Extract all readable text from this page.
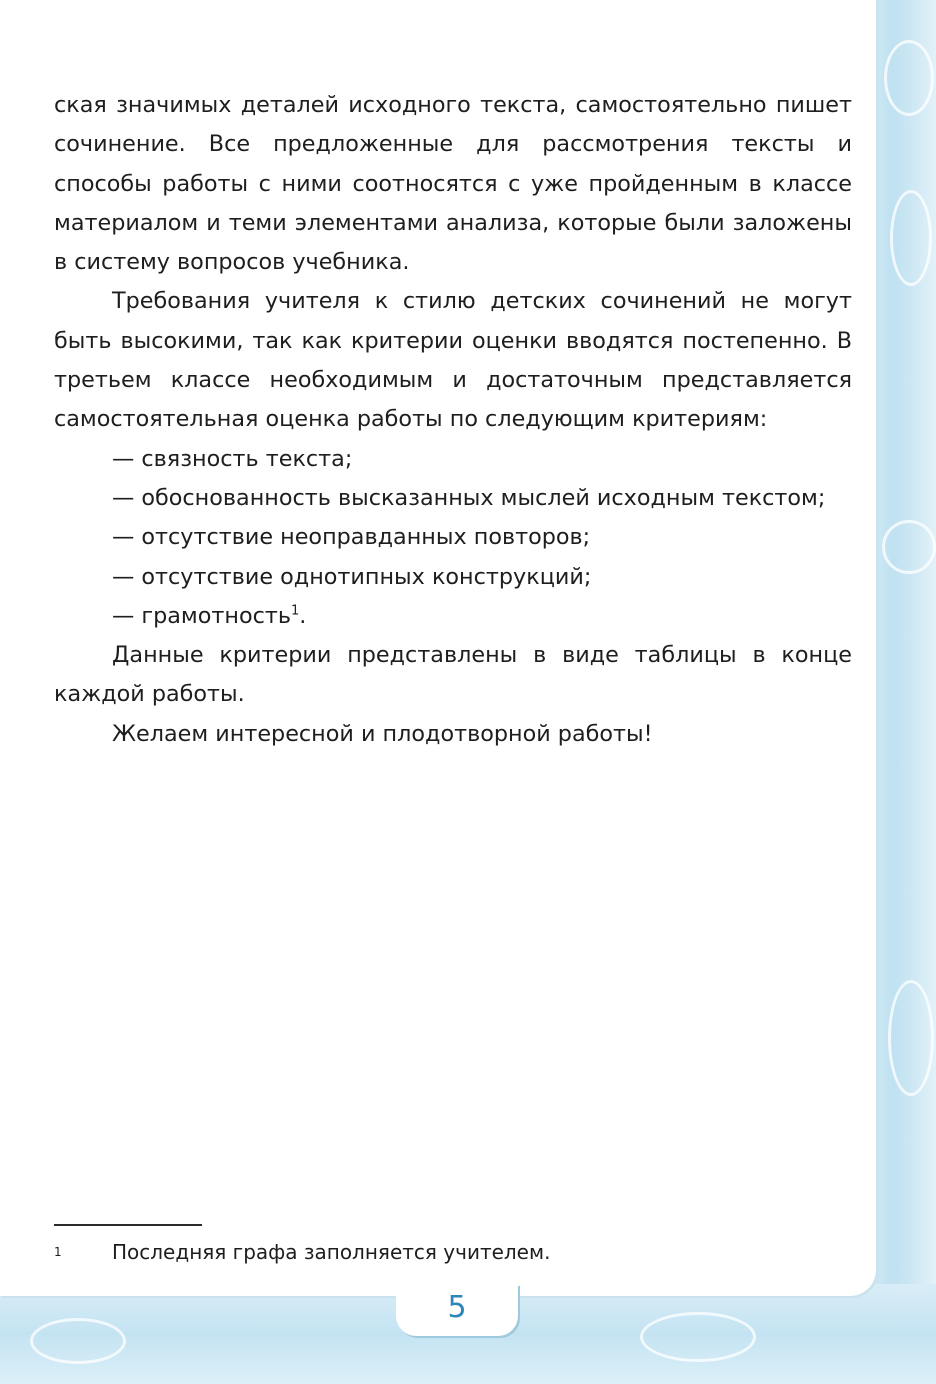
ская значимых деталей исходного текста, самостоятельно пишет сочинение. Все предложенные для рассмотрения тексты и способы работы с ними соотносятся с уже пройденным в классе материалом и теми элементами анализа, которые были заложены в систему вопросов учебника.

Требования учителя к стилю детских сочинений не могут быть высокими, так как критерии оценки вводятся постепенно. В третьем классе необходимым и достаточным представляется самостоятельная оценка работы по следующим критериям:

— связность текста;

— обоснованность высказанных мыслей исходным текстом;

— отсутствие неоправданных повторов;

— отсутствие однотипных конструкций;

— грамотность$^1$.

Данные критерии представлены в виде таблицы в конце каждой работы.

Желаем интересной и плодотворной работы!

1	Последняя графа заполняется учителем.
5
